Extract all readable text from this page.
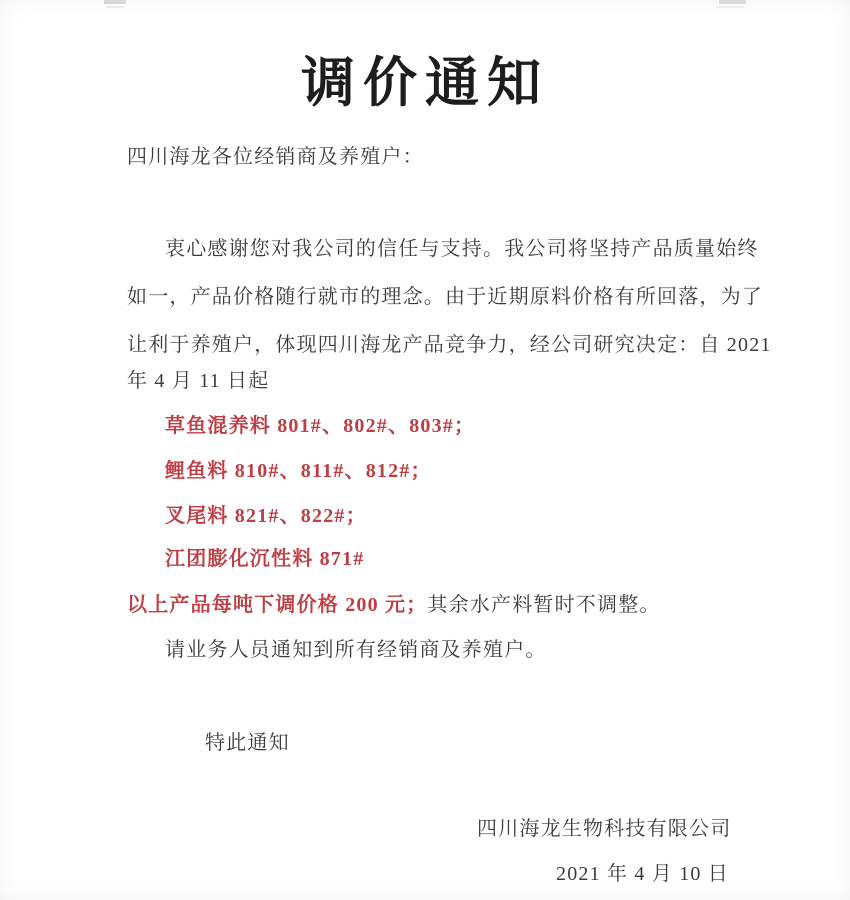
调价通知
四川海龙各位经销商及养殖户：
衷心感谢您对我公司的信任与支持。我公司将坚持产品质量始终
如一，产品价格随行就市的理念。由于近期原料价格有所回落，为了
让利于养殖户，体现四川海龙产品竞争力，经公司研究决定：自 2021
年 4 月 11 日起
草鱼混养料 801#、802#、803#；
鲤鱼料 810#、811#、812#；
叉尾料 821#、822#；
江团膨化沉性料 871#
以上产品每吨下调价格 200 元；其余水产料暂时不调整。
请业务人员通知到所有经销商及养殖户。
特此通知
四川海龙生物科技有限公司
2021 年 4 月 10 日
